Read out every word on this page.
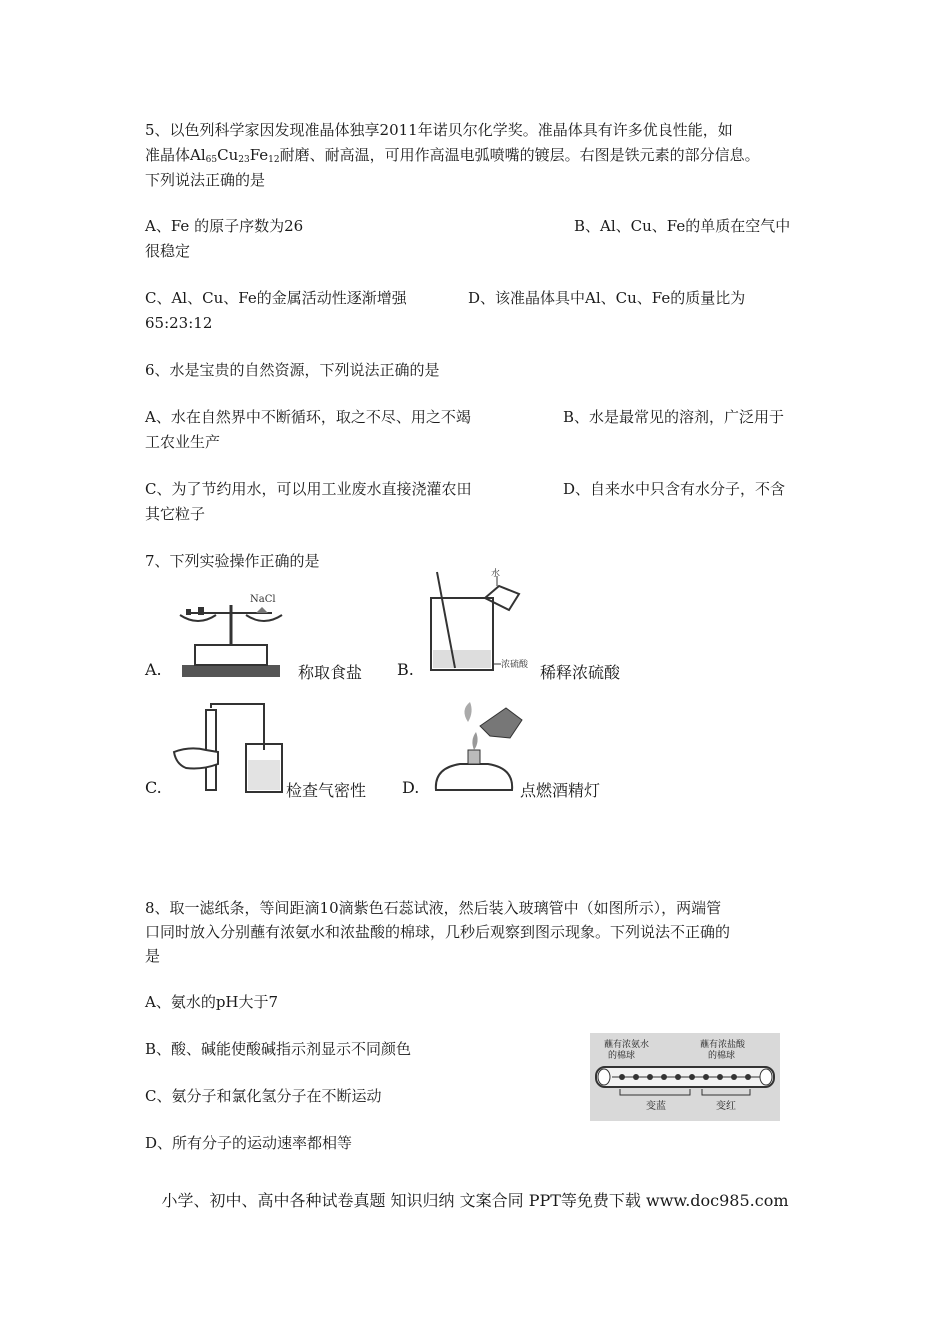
5、以色列科学家因发现准晶体独享2011年诺贝尔化学奖。准晶体具有许多优良性能，如
准晶体$Al_{65}Cu_{23}Fe_{12}$耐磨、耐高温，可用作高温电弧喷嘴的镀层。右图是铁元素的部分信息。
下列说法正确的是
A、Fe 的原子序数为26	B、Al、Cu、Fe的单质在空气中
很稳定
C、Al、Cu、Fe的金属活动性逐渐增强	D、该准晶体具中Al、Cu、Fe的质量比为
65:23:12
6、水是宝贵的自然资源，下列说法正确的是
A、水在自然界中不断循环，取之不尽、用之不竭	B、水是最常见的溶剂，广泛用于
工农业生产
C、为了节约用水，可以用工业废水直接浇灌农田	D、自来水中只含有水分子，不含
其它粒子
7、下列实验操作正确的是
A.
NaCl
称取食盐 B.
水
浓硫酸 稀释浓硫酸
C.	检查气密性 D.	点燃酒精灯
8、取一滤纸条，等间距滴10滴紫色石蕊试液，然后装入玻璃管中（如图所示），两端管
口同时放入分别蘸有浓氨水和浓盐酸的棉球，几秒后观察到图示现象。下列说法不正确的
是
A、氨水的pH大于7
B、酸、碱能使酸碱指示剂显示不同颜色
C、氨分子和氯化氢分子在不断运动
D、所有分子的运动速率都相等
蘸有浓氨水
的棉球
蘸有浓盐酸
的棉球
变蓝	变红
小学、初中、高中各种试卷真题 知识归纳 文案合同 PPT等免费下载 www.doc985.com
